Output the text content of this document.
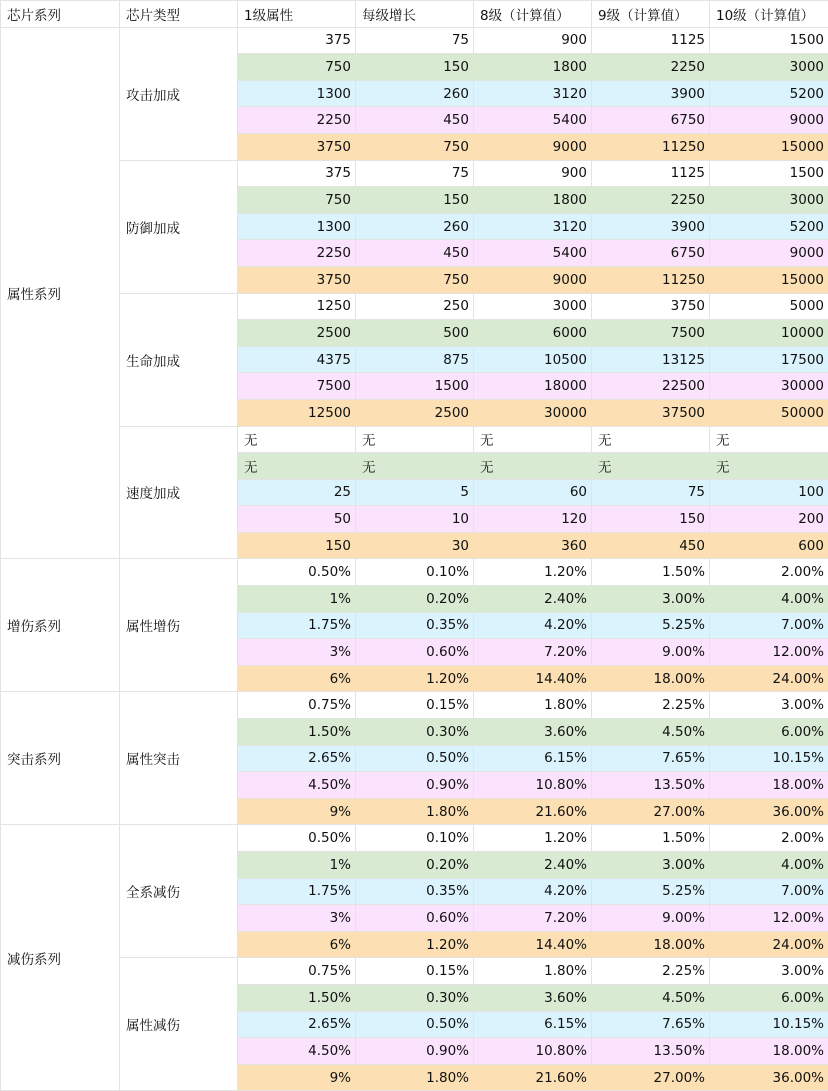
芯片系列	芯片类型	1级属性	每级增长	8级（计算值）	9级（计算值）	10级（计算值）
属性系列	攻击加成	375	75	900	1125	1500
		750	150	1800	2250	3000
		1300	260	3120	3900	5200
		2250	450	5400	6750	9000
		3750	750	9000	11250	15000
	防御加成	375	75	900	1125	1500
		750	150	1800	2250	3000
		1300	260	3120	3900	5200
		2250	450	5400	6750	9000
		3750	750	9000	11250	15000
	生命加成	1250	250	3000	3750	5000
		2500	500	6000	7500	10000
		4375	875	10500	13125	17500
		7500	1500	18000	22500	30000
		12500	2500	30000	37500	50000
	速度加成	无	无	无	无	无
		无	无	无	无	无
		25	5	60	75	100
		50	10	120	150	200
		150	30	360	450	600
增伤系列	属性增伤	0.50%	0.10%	1.20%	1.50%	2.00%
		1%	0.20%	2.40%	3.00%	4.00%
		1.75%	0.35%	4.20%	5.25%	7.00%
		3%	0.60%	7.20%	9.00%	12.00%
		6%	1.20%	14.40%	18.00%	24.00%
突击系列	属性突击	0.75%	0.15%	1.80%	2.25%	3.00%
		1.50%	0.30%	3.60%	4.50%	6.00%
		2.65%	0.50%	6.15%	7.65%	10.15%
		4.50%	0.90%	10.80%	13.50%	18.00%
		9%	1.80%	21.60%	27.00%	36.00%
减伤系列	全系减伤	0.50%	0.10%	1.20%	1.50%	2.00%
		1%	0.20%	2.40%	3.00%	4.00%
		1.75%	0.35%	4.20%	5.25%	7.00%
		3%	0.60%	7.20%	9.00%	12.00%
		6%	1.20%	14.40%	18.00%	24.00%
	属性减伤	0.75%	0.15%	1.80%	2.25%	3.00%
		1.50%	0.30%	3.60%	4.50%	6.00%
		2.65%	0.50%	6.15%	7.65%	10.15%
		4.50%	0.90%	10.80%	13.50%	18.00%
		9%	1.80%	21.60%	27.00%	36.00%
